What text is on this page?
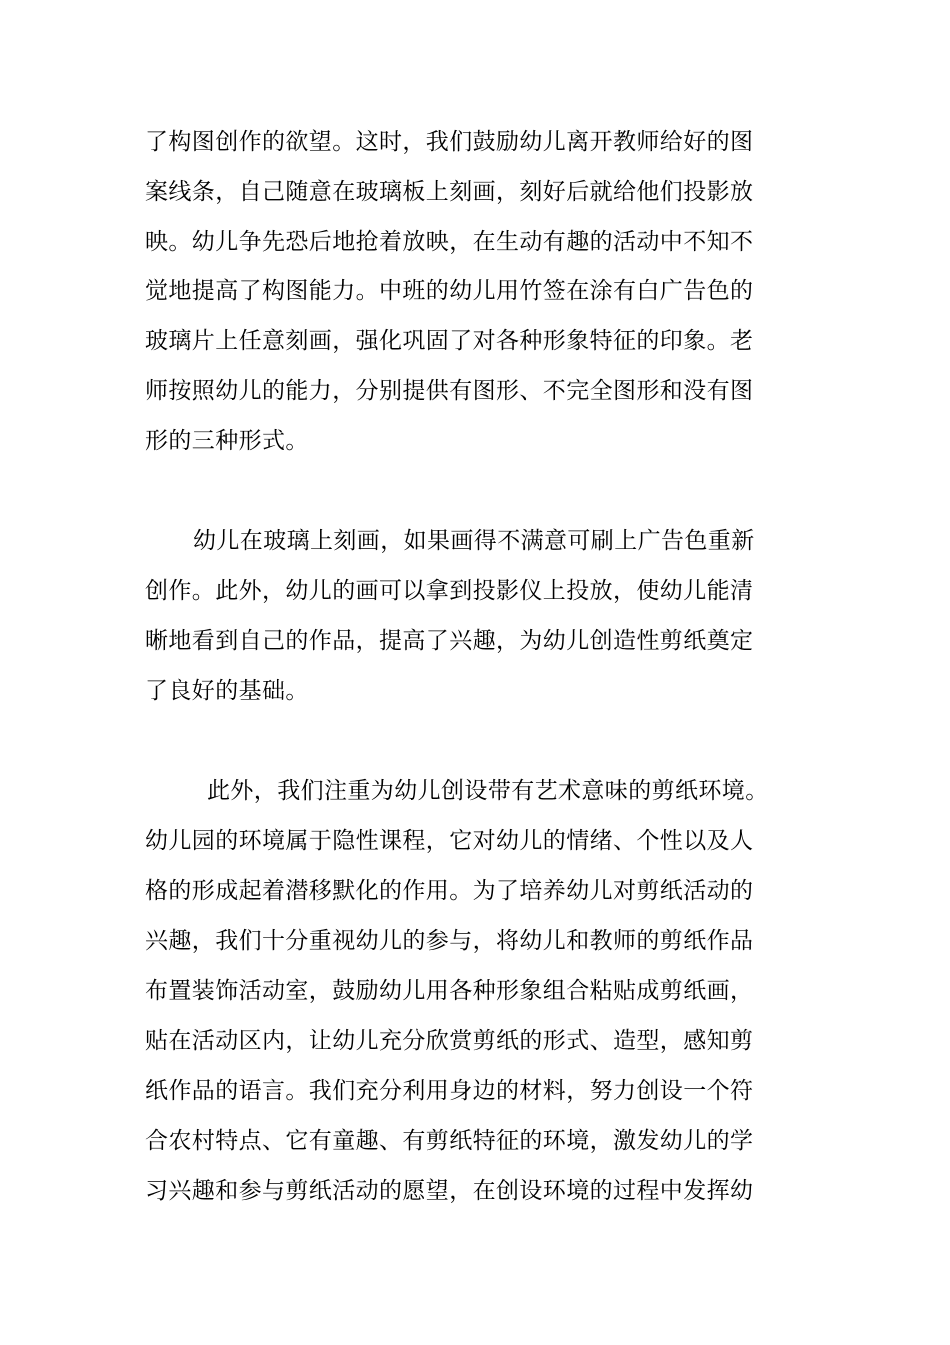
了构图创作的欲望。这时，我们鼓励幼儿离开教师给好的图
案线条，自己随意在玻璃板上刻画，刻好后就给他们投影放
映。幼儿争先恐后地抢着放映，在生动有趣的活动中不知不
觉地提高了构图能力。中班的幼儿用竹签在涂有白广告色的
玻璃片上任意刻画，强化巩固了对各种形象特征的印象。老
师按照幼儿的能力，分别提供有图形、不完全图形和没有图
形的三种形式。
幼儿在玻璃上刻画，如果画得不满意可刷上广告色重新
创作。此外，幼儿的画可以拿到投影仪上投放，使幼儿能清
晰地看到自己的作品，提高了兴趣，为幼儿创造性剪纸奠定
了良好的基础。
此外，我们注重为幼儿创设带有艺术意味的剪纸环境。
幼儿园的环境属于隐性课程，它对幼儿的情绪、个性以及人
格的形成起着潜移默化的作用。为了培养幼儿对剪纸活动的
兴趣，我们十分重视幼儿的参与，将幼儿和教师的剪纸作品
布置装饰活动室，鼓励幼儿用各种形象组合粘贴成剪纸画，
贴在活动区内，让幼儿充分欣赏剪纸的形式、造型，感知剪
纸作品的语言。我们充分利用身边的材料，努力创设一个符
合农村特点、它有童趣、有剪纸特征的环境，激发幼儿的学
习兴趣和参与剪纸活动的愿望，在创设环境的过程中发挥幼
